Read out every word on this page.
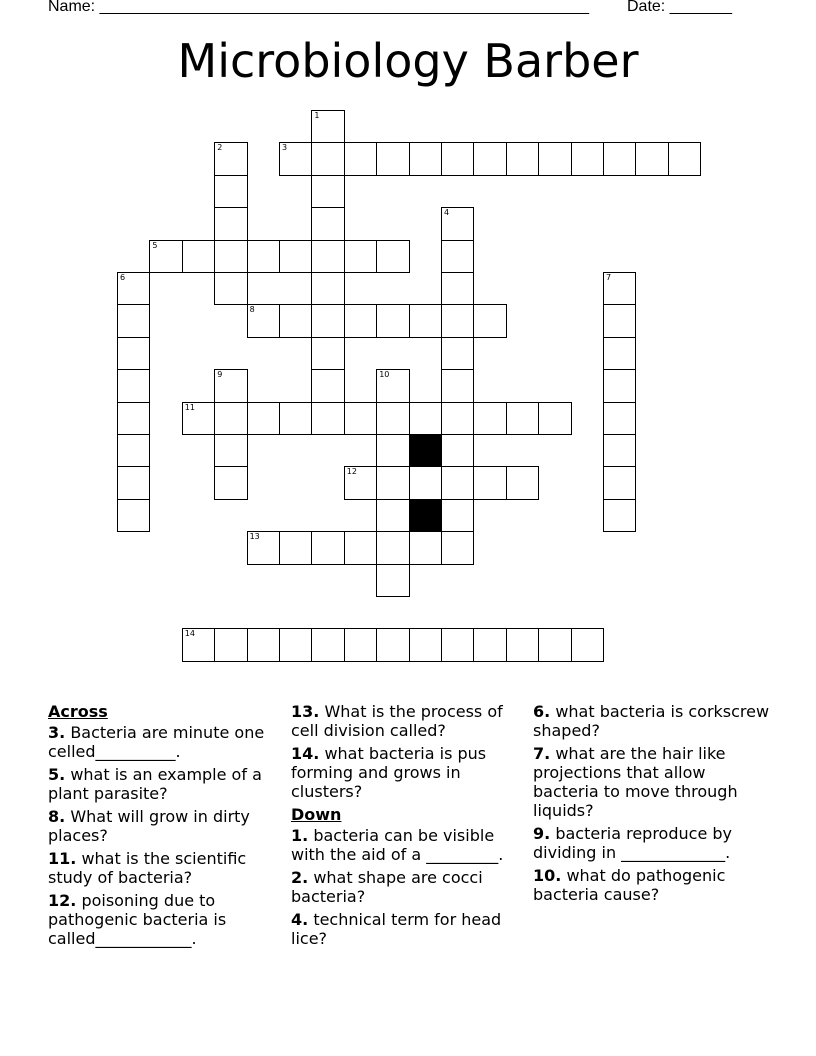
Name: _______________________________________________________ Date: _______
Microbiology Barber
1
2	3
4
5
6	7
8
9	10
11
12
13
14
Across
3. Bacteria are minute one celled__________.
5. what is an example of a plant parasite?
8. What will grow in dirty places?
11. what is the scientific study of bacteria?
12. poisoning due to pathogenic bacteria is called____________.
13. What is the process of cell division called?
14. what bacteria is pus forming and grows in clusters?
Down
1. bacteria can be visible with the aid of a _________.
2. what shape are cocci bacteria?
4. technical term for head lice?
6. what bacteria is corkscrew shaped?
7. what are the hair like projections that allow bacteria to move through liquids?
9. bacteria reproduce by dividing in _____________.
10. what do pathogenic bacteria cause?
